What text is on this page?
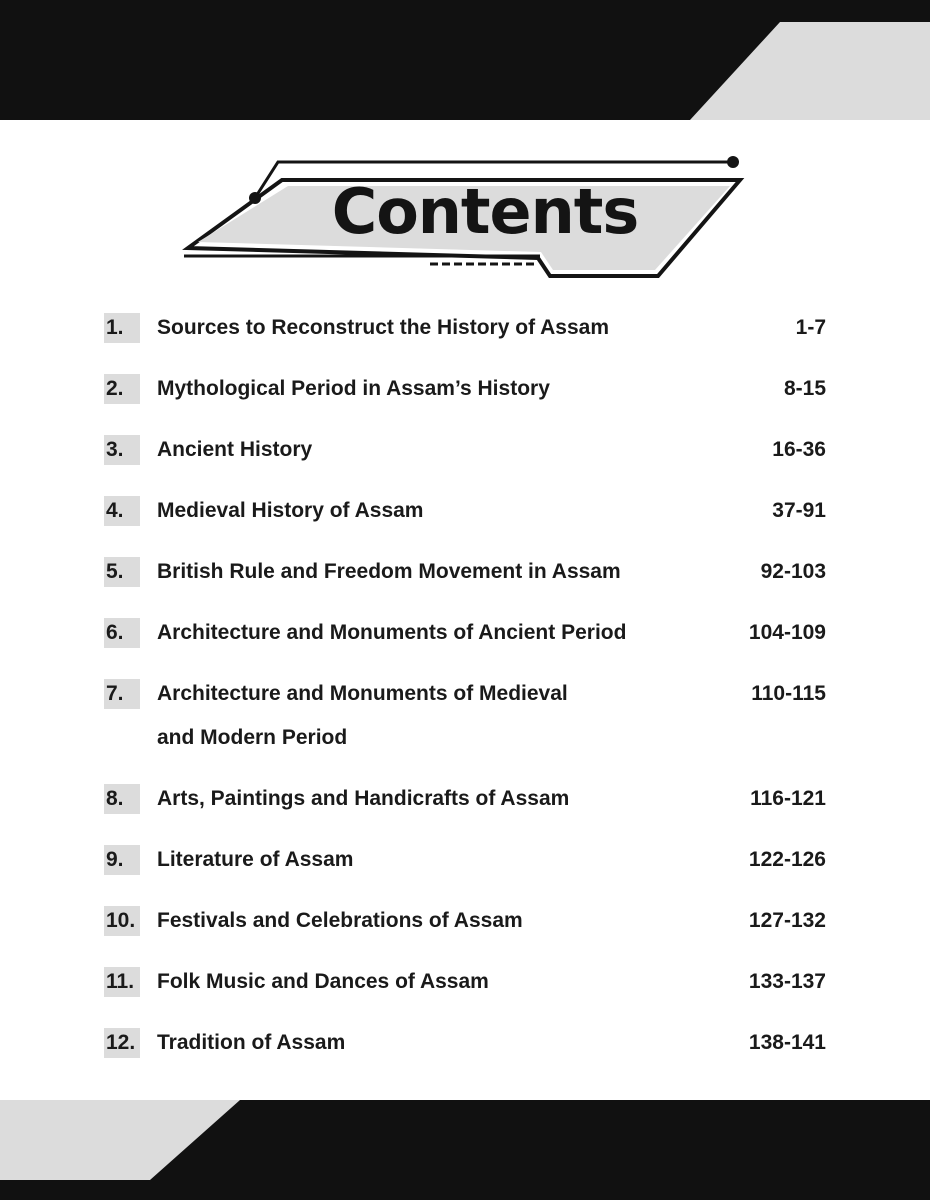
Contents
1.	Sources to Reconstruct the History of Assam	1-7
2.	Mythological Period in Assam’s History	8-15
3.	Ancient History	16-36
4.	Medieval History of Assam	37-91
5.	British Rule and Freedom Movement in Assam	92-103
6.	Architecture and Monuments of Ancient Period	104-109
7.	Architecture and Monuments of Medieval
and Modern Period
110-115
8.	Arts, Paintings and Handicrafts of Assam	116-121
9.	Literature of Assam	122-126
10. Festivals and Celebrations of Assam	127-132
11. Folk Music and Dances of Assam	133-137
12. Tradition of Assam	138-141
